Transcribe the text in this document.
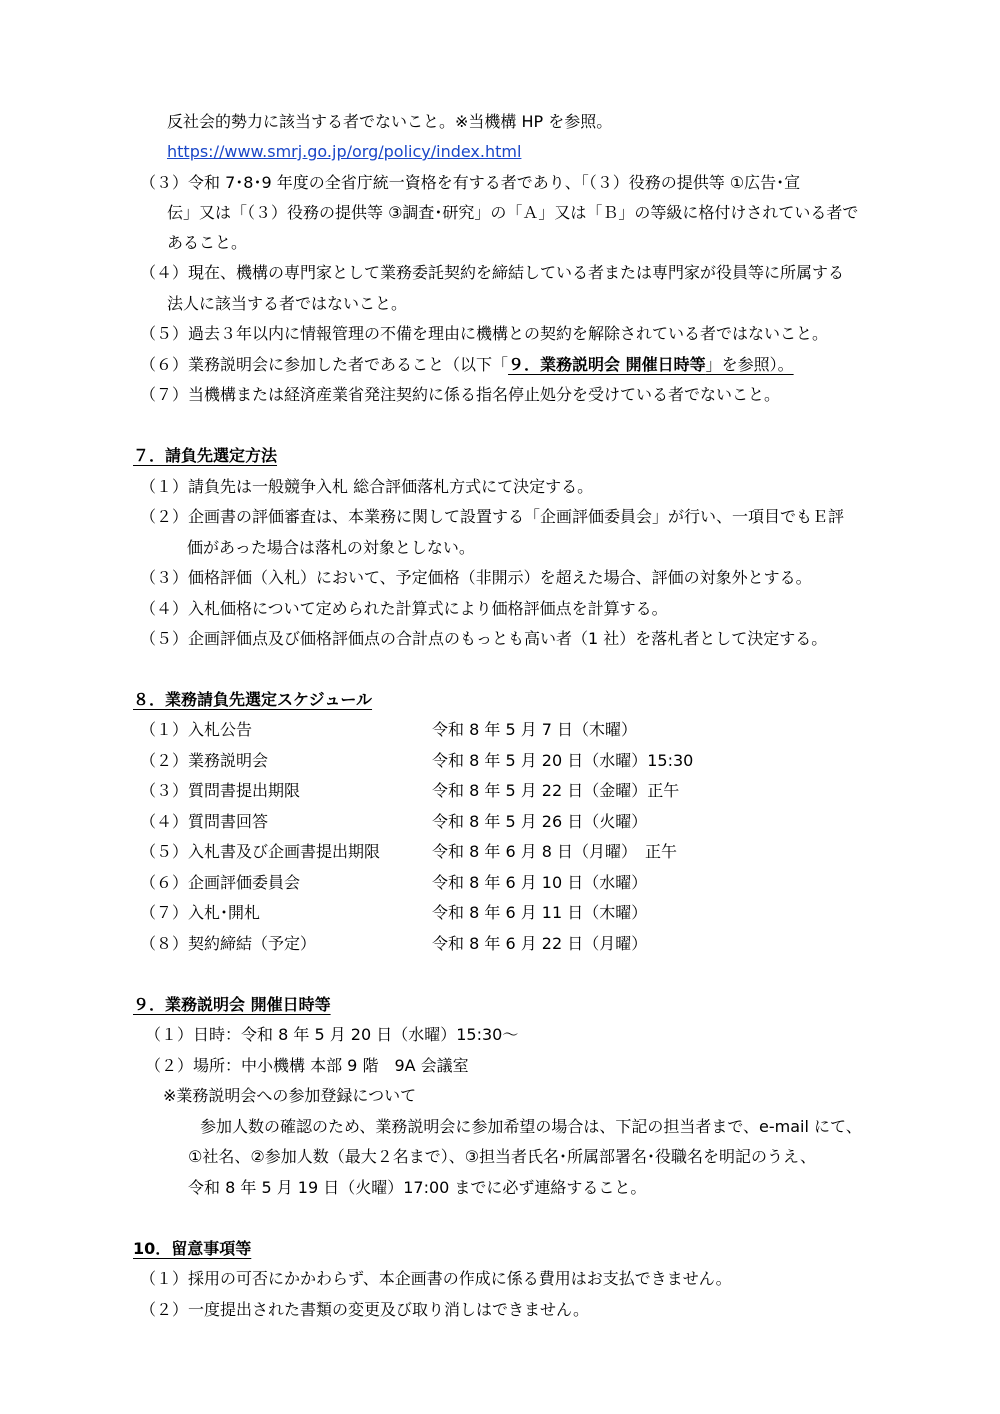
反社会的勢力に該当する者でないこと。※当機構 HP を参照。
https://www.smrj.go.jp/org/policy/index.html
（３）令和 7･8･9 年度の全省庁統一資格を有する者であり、「（３）役務の提供等 ①広告･宣
伝」又は「（３）役務の提供等 ③調査･研究」の「Ａ」又は「Ｂ」の等級に格付けされている者で
あること。
（４）現在、機構の専門家として業務委託契約を締結している者または専門家が役員等に所属する
法人に該当する者ではないこと。
（５）過去３年以内に情報管理の不備を理由に機構との契約を解除されている者ではないこと。
（６）業務説明会に参加した者であること（以下「９．業務説明会 開催日時等」を参照）。
（７）当機構または経済産業省発注契約に係る指名停止処分を受けている者でないこと。
７．請負先選定方法
（１）請負先は一般競争入札 総合評価落札方式にて決定する。
（２）企画書の評価審査は、本業務に関して設置する「企画評価委員会」が行い、一項目でもＥ評
価があった場合は落札の対象としない。
（３）価格評価（入札）において、予定価格（非開示）を超えた場合、評価の対象外とする。
（４）入札価格について定められた計算式により価格評価点を計算する。
（５）企画評価点及び価格評価点の合計点のもっとも高い者（1 社）を落札者として決定する。
８．業務請負先選定スケジュール
（１）入札公告	令和 8 年 5 月 7 日（木曜）
（２）業務説明会	令和 8 年 5 月 20 日（水曜）15:30
（３）質問書提出期限	令和 8 年 5 月 22 日（金曜）正午
（４）質問書回答	令和 8 年 5 月 26 日（火曜）
（５）入札書及び企画書提出期限	令和 8 年 6 月 8 日（月曜）　正午
（６）企画評価委員会	令和 8 年 6 月 10 日（水曜）
（７）入札･開札	令和 8 年 6 月 11 日（木曜）
（８）契約締結（予定）	令和 8 年 6 月 22 日（月曜）
９．業務説明会 開催日時等
（１）日時：令和 8 年 5 月 20 日（水曜）15:30～
（２）場所：中小機構 本部 9 階　9A 会議室
※業務説明会への参加登録について
参加人数の確認のため、業務説明会に参加希望の場合は、下記の担当者まで、e-mail にて、
①社名、②参加人数（最大２名まで）、③担当者氏名･所属部署名･役職名を明記のうえ、
令和 8 年 5 月 19 日（火曜）17:00 までに必ず連絡すること。
10．留意事項等
（１）採用の可否にかかわらず、本企画書の作成に係る費用はお支払できません。
（２）一度提出された書類の変更及び取り消しはできません。
